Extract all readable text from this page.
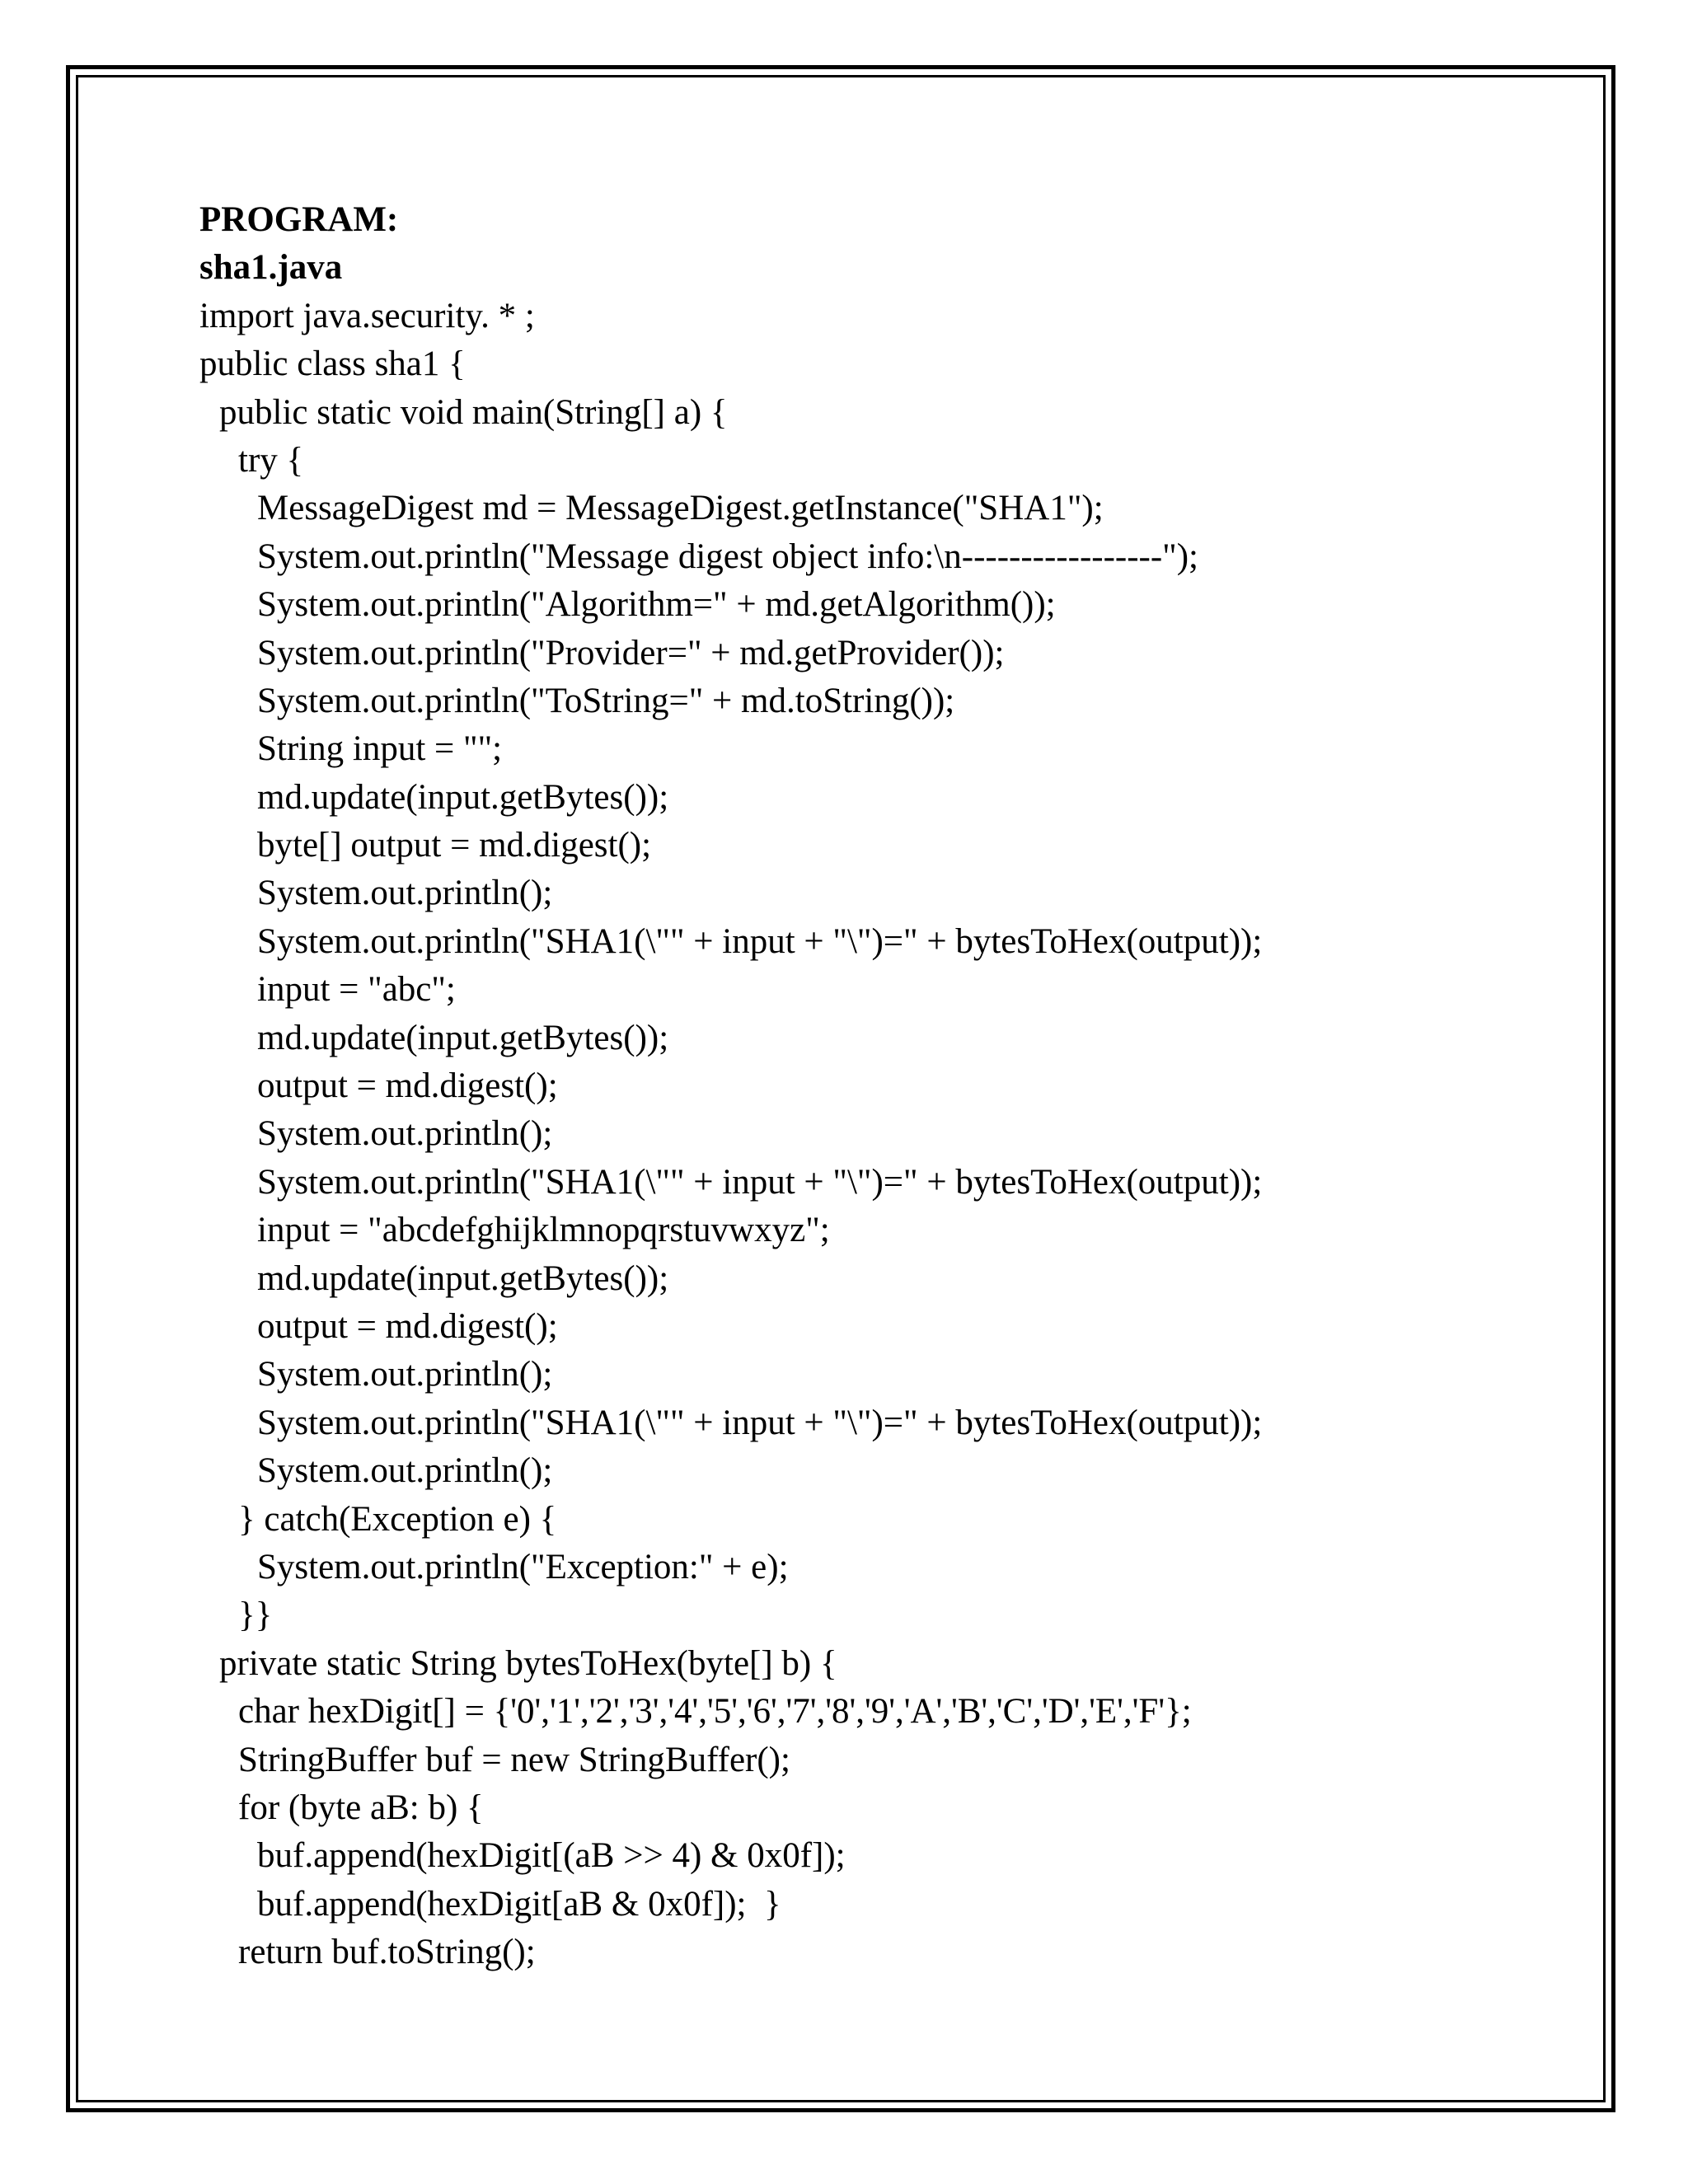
PROGRAM:
sha1.java
import java.security. * ;
public class sha1 {
public static void main(String[] a) {
try {
MessageDigest md = MessageDigest.getInstance("SHA1");
System.out.println("Message digest object info:\n-----------------");
System.out.println("Algorithm=" + md.getAlgorithm());
System.out.println("Provider=" + md.getProvider());
System.out.println("ToString=" + md.toString());
String input = "";
md.update(input.getBytes());
byte[] output = md.digest();
System.out.println();
System.out.println("SHA1(\"" + input + "\")=" + bytesToHex(output));
input = "abc";
md.update(input.getBytes());
output = md.digest();
System.out.println();
System.out.println("SHA1(\"" + input + "\")=" + bytesToHex(output));
input = "abcdefghijklmnopqrstuvwxyz";
md.update(input.getBytes());
output = md.digest();
System.out.println();
System.out.println("SHA1(\"" + input + "\")=" + bytesToHex(output));
System.out.println();
} catch(Exception e) {
System.out.println("Exception:" + e);
}}
private static String bytesToHex(byte[] b) {
char hexDigit[] = {'0','1','2','3','4','5','6','7','8','9','A','B','C','D','E','F'};
StringBuffer buf = new StringBuffer();
for (byte aB: b) {
buf.append(hexDigit[(aB >> 4) & 0x0f]);
buf.append(hexDigit[aB & 0x0f]);  }
return buf.toString();
